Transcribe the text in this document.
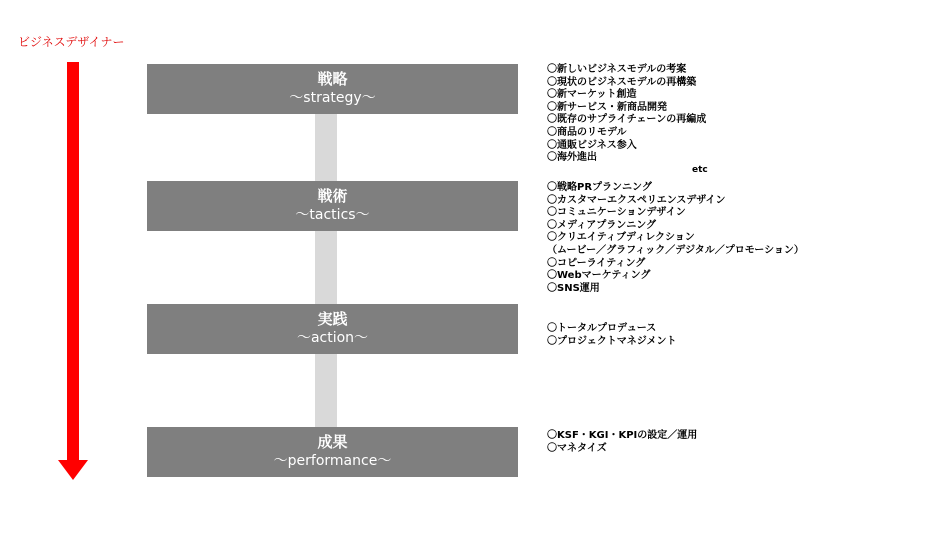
ビジネスデザイナー
戦略
～strategy～
戦術
～tactics～
実践
～action～
成果
～performance～
〇新しいビジネスモデルの考案
〇現状のビジネスモデルの再構築
〇新マーケット創造
〇新サービス・新商品開発
〇既存のサプライチェーンの再編成
〇商品のリモデル
〇通販ビジネス参入
〇海外進出
etc
〇戦略PRプランニング
〇カスタマーエクスペリエンスデザイン
〇コミュニケーションデザイン
〇メディアプランニング
〇クリエイティブディレクション
（ムービー／グラフィック／デジタル／プロモーション）
〇コピーライティング
〇Webマーケティング
〇SNS運用
〇トータルプロデュース
〇プロジェクトマネジメント
〇KSF・KGI・KPIの設定／運用
〇マネタイズ
